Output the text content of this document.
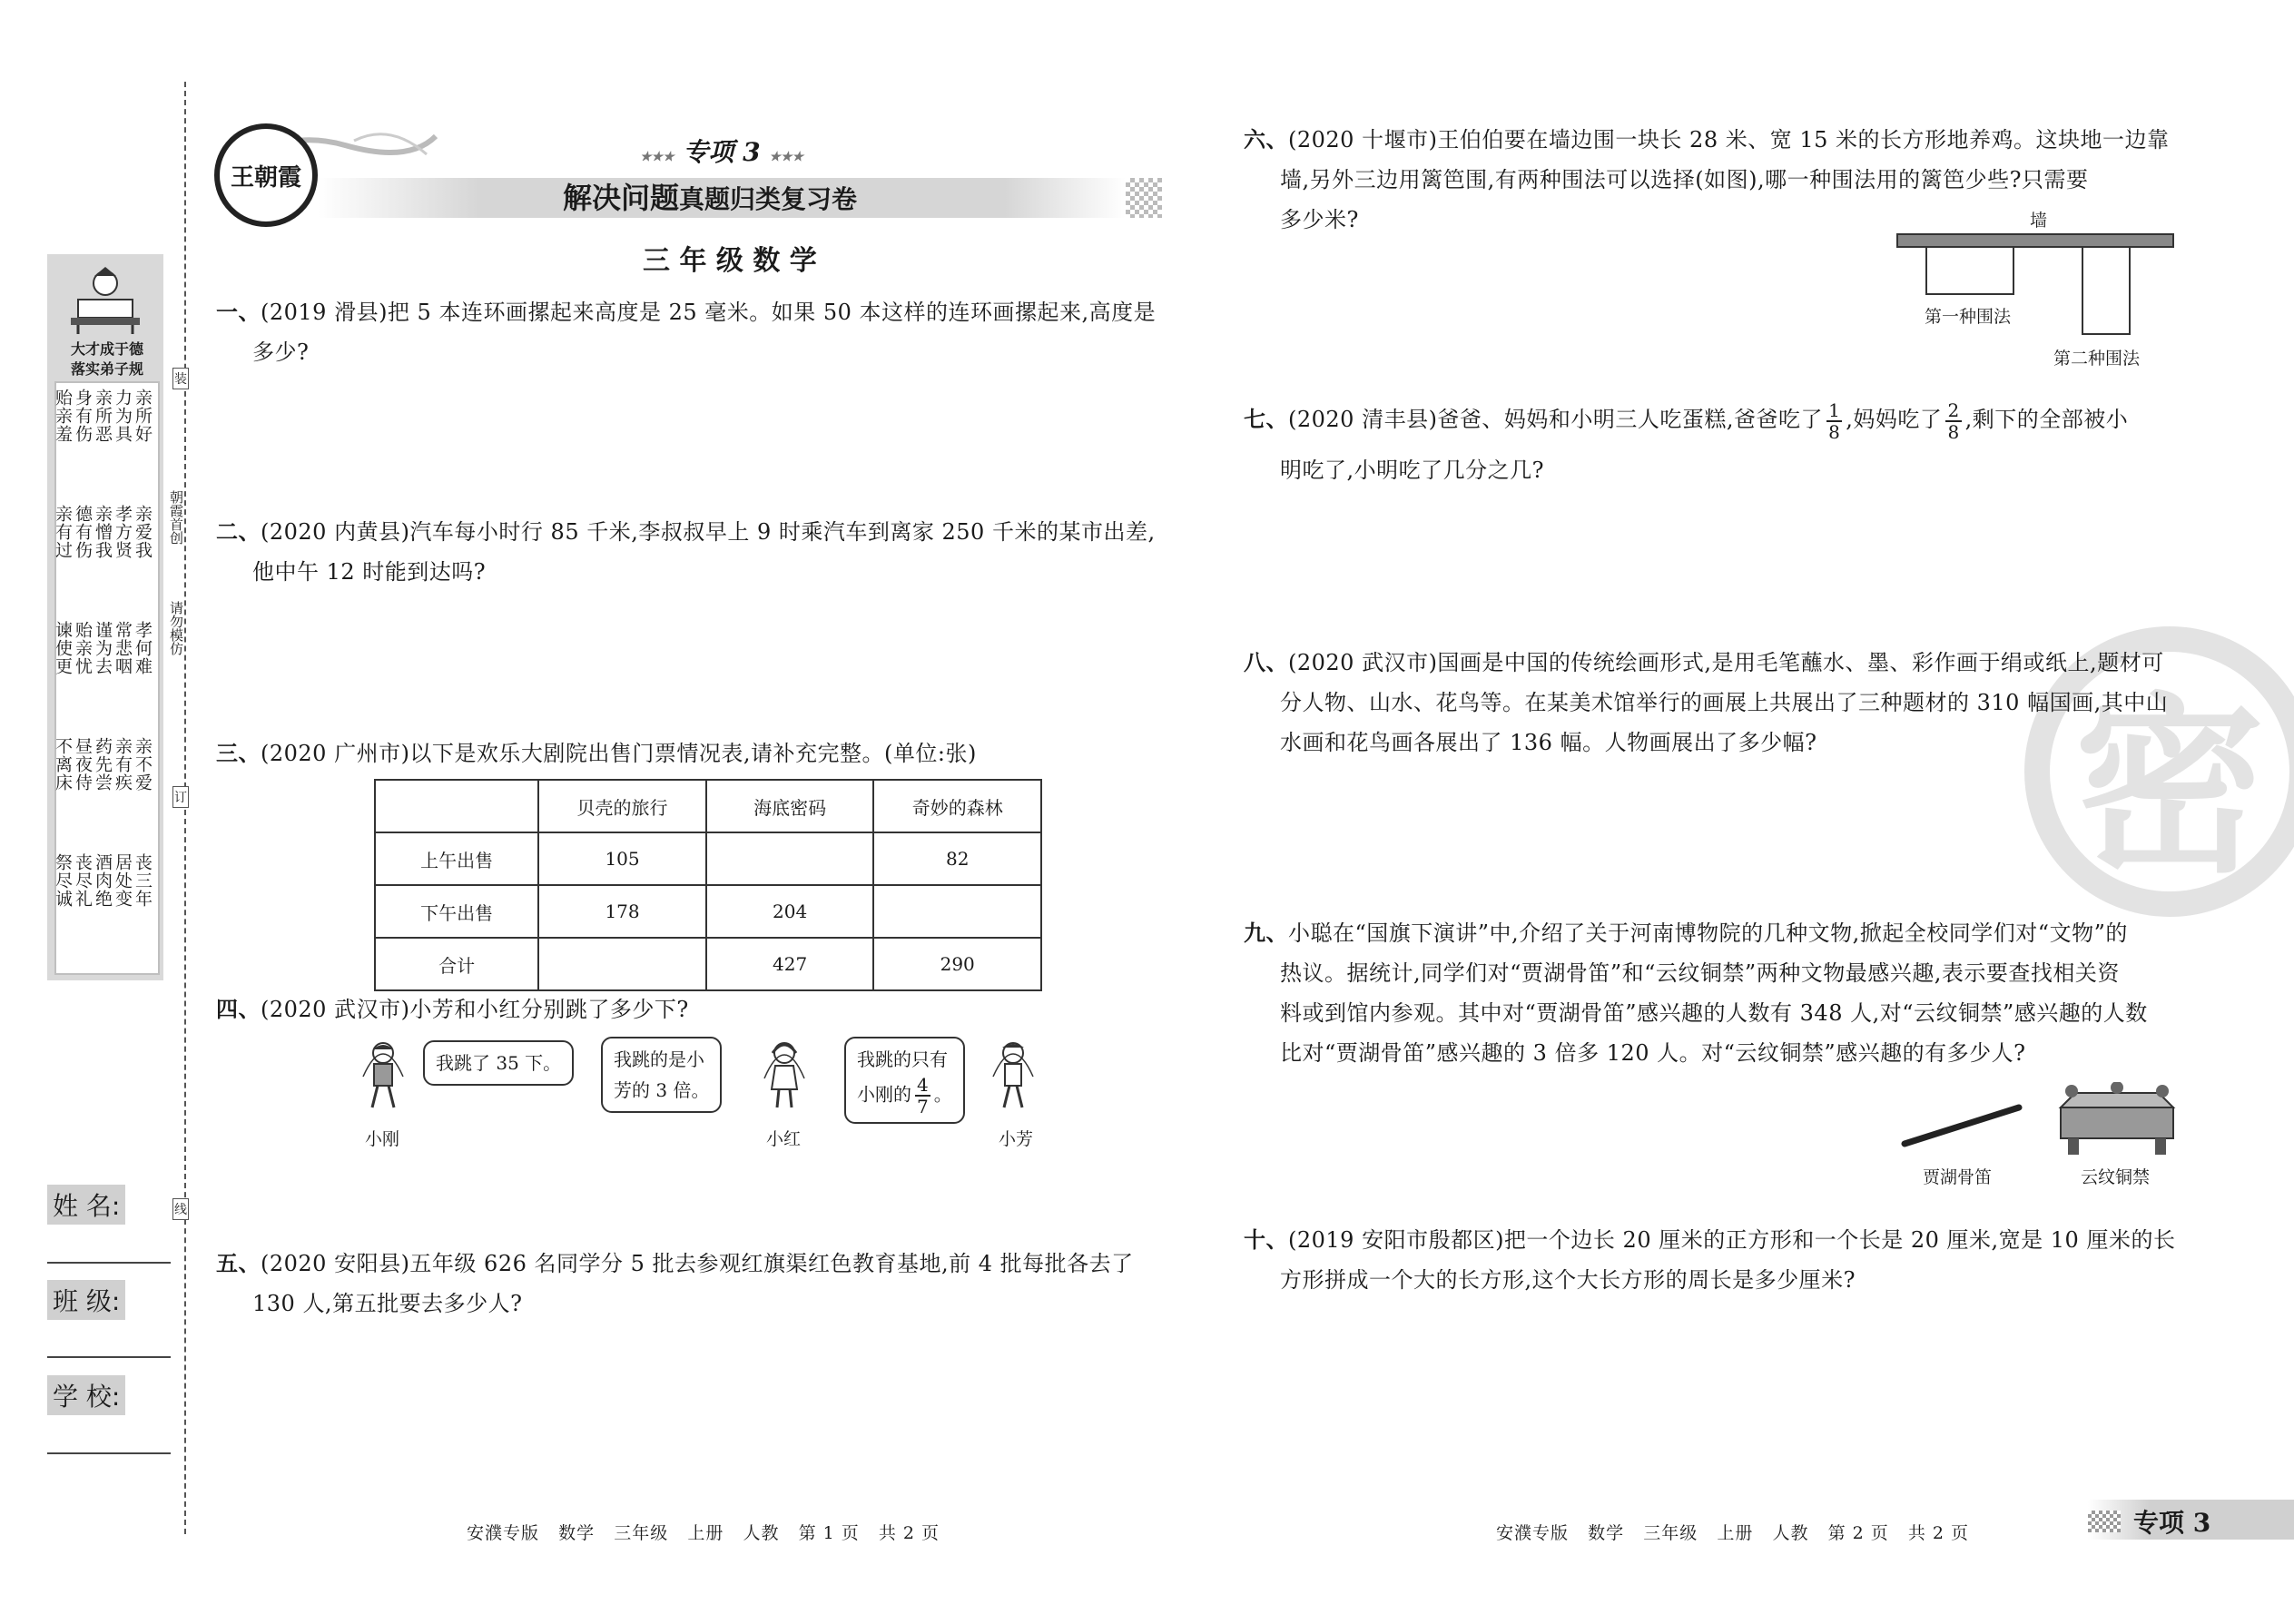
大才成于德
落实弟子规
亲所好
亲爱我
孝何难
亲不爱
丧三年
力为具
孝方贤
常悲咽
亲有疾
居处变
亲所恶
亲憎我
谨为去
药先尝
酒肉绝
身有伤
德有伤
贻亲忧
昼夜侍
丧尽礼
贻亲羞
亲有过
谏使更
不离床
祭尽诚
朝霞首创
请勿模仿
装
订
线
姓 名:
班 级:
学 校:
王朝霞
★★★ 专项 3 ★★★
解决问题真题归类复习卷
三 年 级 数 学
一、(2019 滑县)把 5 本连环画摞起来高度是 25 毫米。如果 50 本这样的连环画摞起来,高度是
多少?
二、(2020 内黄县)汽车每小时行 85 千米,李叔叔早上 9 时乘汽车到离家 250 千米的某市出差,
他中午 12 时能到达吗?
三、(2020 广州市)以下是欢乐大剧院出售门票情况表,请补充完整。(单位:张)
	贝壳的旅行	海底密码	奇妙的森林
上午出售	105		82
下午出售	178	204	
合计		427	290
四、(2020 武汉市)小芳和小红分别跳了多少下?
我跳了 35 下。	我跳的是小
芳的 3 倍。
我跳的只有
小刚的 $\frac{4}{7}$ 。
小刚	小红	小芳
五、(2020 安阳县)五年级 626 名同学分 5 批去参观红旗渠红色教育基地,前 4 批每批各去了
130 人,第五批要去多少人?
安濮专版   数学   三年级   上册   人教   第 1 页   共 2 页
密
六、(2020 十堰市)王伯伯要在墙边围一块长 28 米、宽 15 米的长方形地养鸡。这块地一边靠
墙,另外三边用篱笆围,有两种围法可以选择(如图),哪一种围法用的篱笆少些?只需要
多少米?	墙
第一种围法
第二种围法
七、(2020 清丰县)爸爸、妈妈和小明三人吃蛋糕,爸爸吃了 $\frac{1}{8}$ ,妈妈吃了 $\frac{2}{8}$ ,剩下的全部被小
明吃了,小明吃了几分之几?
八、(2020 武汉市)国画是中国的传统绘画形式,是用毛笔蘸水、墨、彩作画于绢或纸上,题材可
分人物、山水、花鸟等。在某美术馆举行的画展上共展出了三种题材的 310 幅国画,其中山
水画和花鸟画各展出了 136 幅。人物画展出了多少幅?
九、小聪在“国旗下演讲”中,介绍了关于河南博物院的几种文物,掀起全校同学们对“文物”的
热议。据统计,同学们对“贾湖骨笛”和“云纹铜禁”两种文物最感兴趣,表示要查找相关资
料或到馆内参观。其中对“贾湖骨笛”感兴趣的人数有 348 人,对“云纹铜禁”感兴趣的人数
比对“贾湖骨笛”感兴趣的 3 倍多 120 人。对“云纹铜禁”感兴趣的有多少人?
贾湖骨笛	云纹铜禁
十、(2019 安阳市殷都区)把一个边长 20 厘米的正方形和一个长是 20 厘米,宽是 10 厘米的长
方形拼成一个大的长方形,这个大长方形的周长是多少厘米?
安濮专版   数学   三年级   上册   人教   第 2 页   共 2 页	专项 3
